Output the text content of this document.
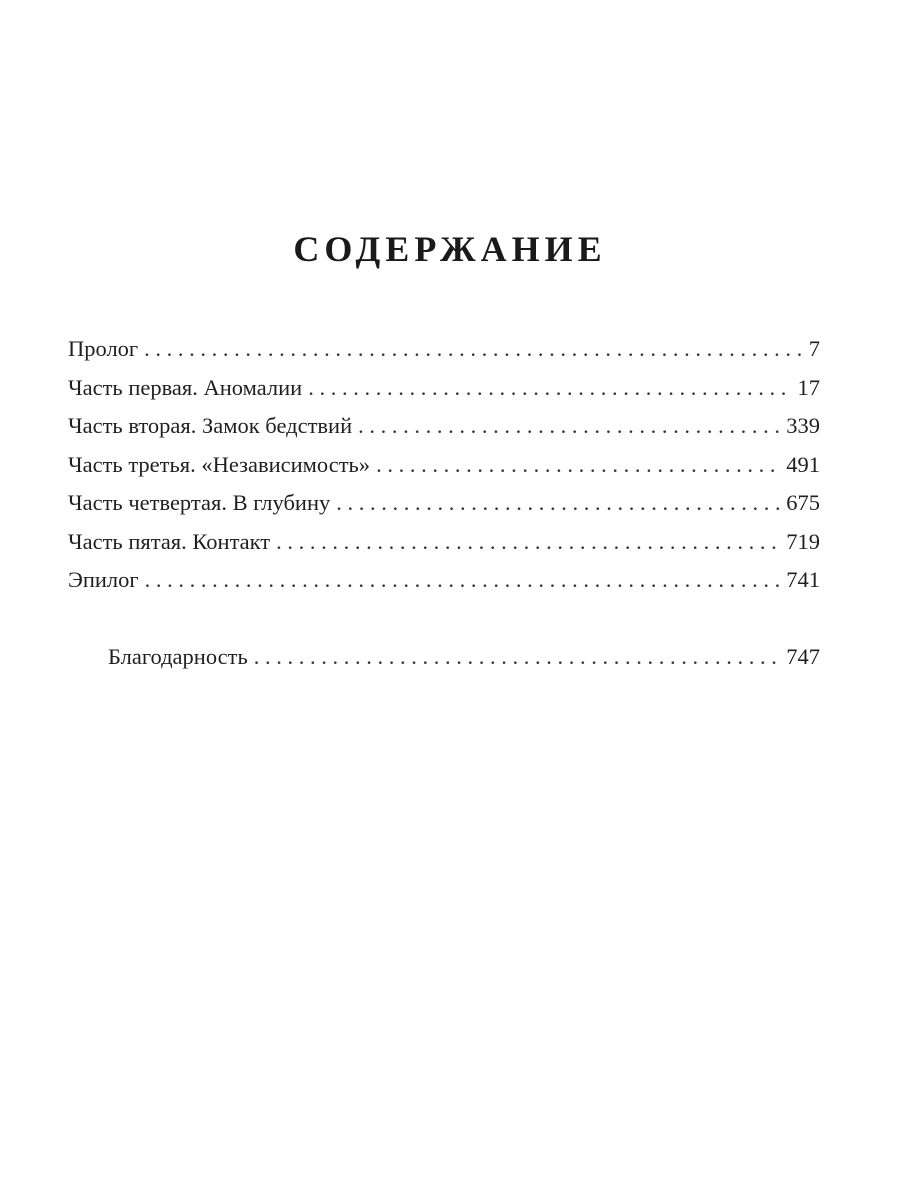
СОДЕРЖАНИЕ
Пролог . . .	7
Часть первая. Аномалии . . .	17
Часть вторая. Замок бедствий . . .	339
Часть третья. «Независимость» . . .	491
Часть четвертая. В глубину . . .	675
Часть пятая. Контакт . . .	719
Эпилог . . .	741
Благодарность . . .	747
